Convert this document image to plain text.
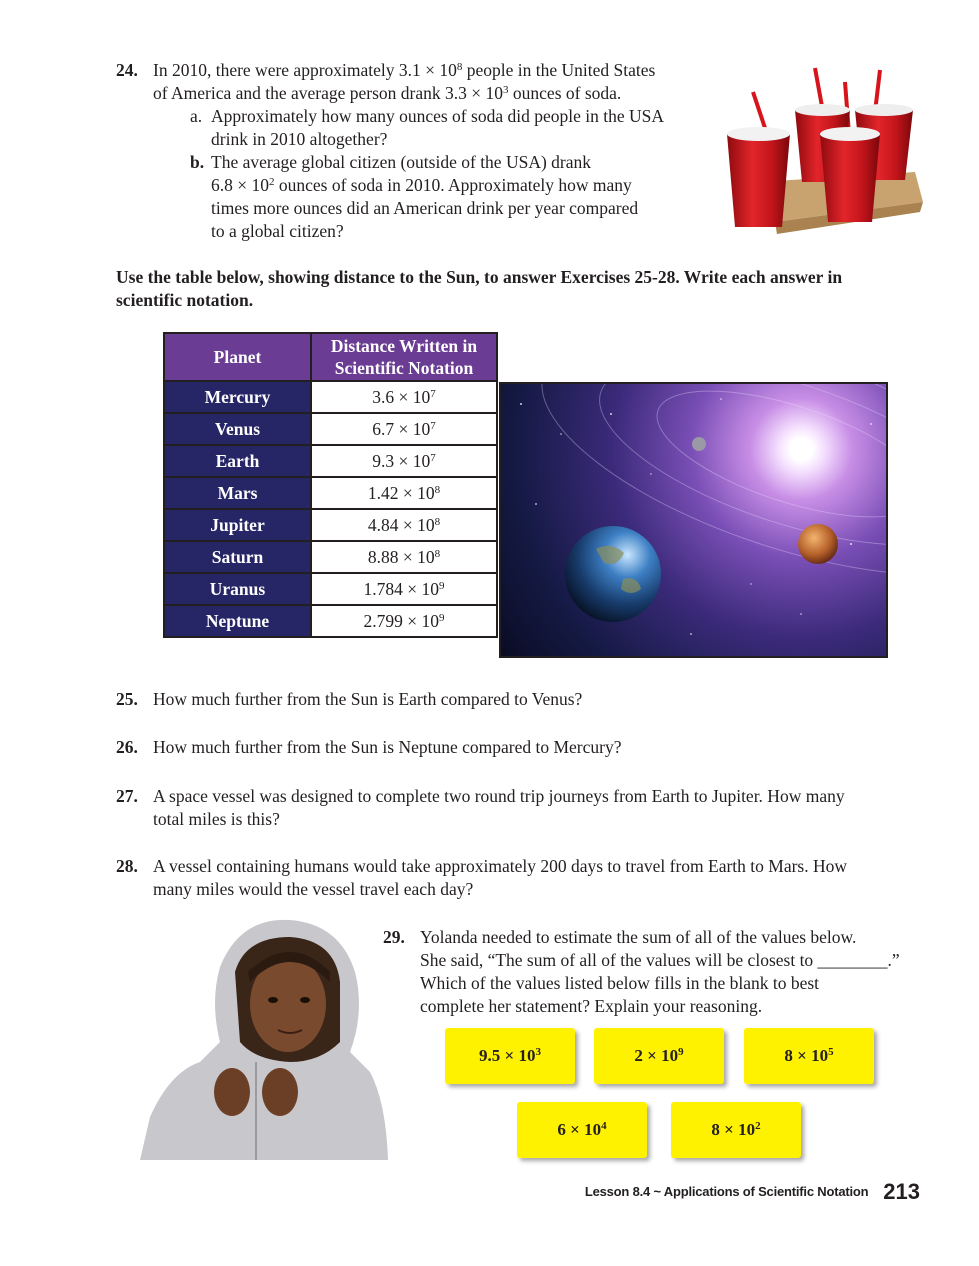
24. In 2010, there were approximately $3.1 \times 10^8$ people in the United States
of America and the average person drank $3.3 \times 10^3$ ounces of soda.
a. Approximately how many ounces of soda did people in the USA
drink in 2010 altogether?
b. The average global citizen (outside of the USA) drank
$6.8 \times 10^2$ ounces of soda in 2010. Approximately how many
times more ounces did an American drink per year compared
to a global citizen?
Use the table below, showing distance to the Sun, to answer Exercises 25-28. Write each answer in
scientific notation.
Planet	Distance Written in
Scientific Notation

Mercury	$3.6 \times 10^7$
Venus	$6.7 \times 10^7$
Earth	$9.3 \times 10^7$
Mars	$1.42 \times 10^8$
Jupiter	$4.84 \times 10^8$
Saturn	$8.88 \times 10^8$
Uranus	$1.784 \times 10^9$
Neptune	$2.799 \times 10^9$
25. How much further from the Sun is Earth compared to Venus?
26. How much further from the Sun is Neptune compared to Mercury?
27. A space vessel was designed to complete two round trip journeys from Earth to Jupiter. How many
total miles is this?
28. A vessel containing humans would take approximately 200 days to travel from Earth to Mars. How
many miles would the vessel travel each day?
29. Yolanda needed to estimate the sum of all of the values below.
She said, “The sum of all of the values will be closest to ________.”
Which of the values listed below fills in the blank to best
complete her statement? Explain your reasoning.
$9.5 \times 10^3$	$2 \times 10^9$	$8 \times 10^5$
$6 \times 10^4$	$8 \times 10^2$
Lesson 8.4 ~ Applications of Scientific Notation 213
